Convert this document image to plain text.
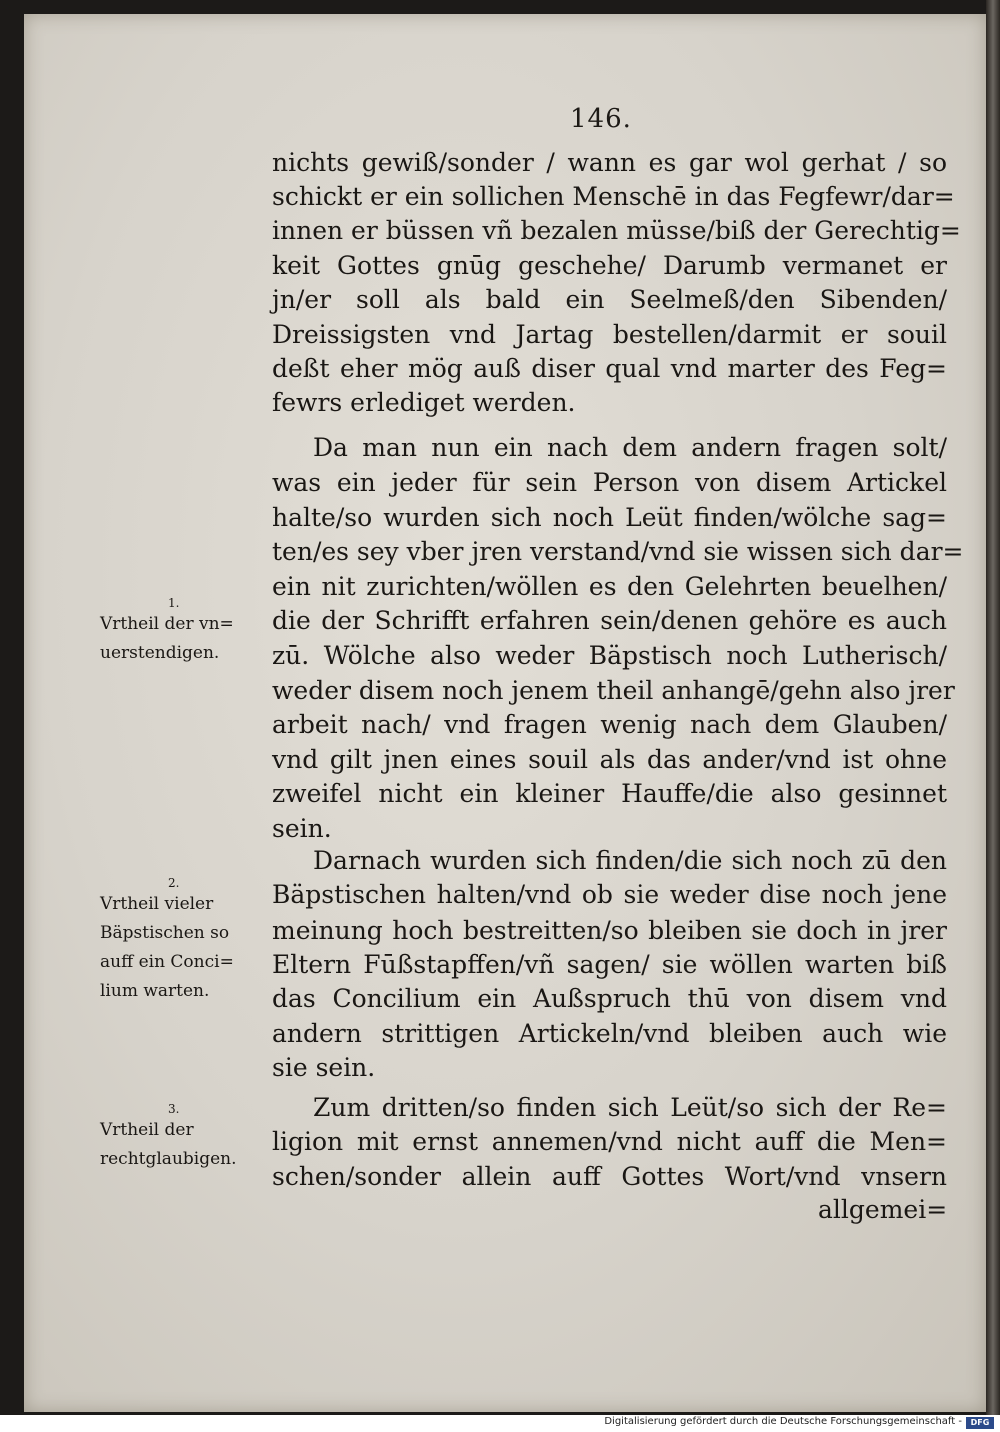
146.
nichts gewiß/sonder / wann es gar wol gerhat / so
schickt er ein sollichen Menschē in das Fegfewr/dar=
innen er büssen vñ bezalen müsse/biß der Gerechtig=
keit Gottes gnūg geschehe/ Darumb vermanet er
jn/er soll als bald ein Seelmeß/den Sibenden/
Dreissigsten vnd Jartag bestellen/darmit er souil
deßt eher mög auß diser qual vnd marter des Feg=
fewrs erlediget werden.
Da man nun ein nach dem andern fragen solt/
was ein jeder für sein Person von disem Artickel
halte/so wurden sich noch Leüt finden/wölche sag=
ten/es sey vber jren verstand/vnd sie wissen sich dar=
ein nit zurichten/wöllen es den Gelehrten beuelhen/
die der Schrifft erfahren sein/denen gehöre es auch
zū. Wölche also weder Bäpstisch noch Lutherisch/
weder disem noch jenem theil anhangē/gehn also jrer
arbeit nach/ vnd fragen wenig nach dem Glauben/
vnd gilt jnen eines souil als das ander/vnd ist ohne
zweifel nicht ein kleiner Hauffe/die also gesinnet
sein.
Darnach wurden sich finden/die sich noch zū den
Bäpstischen halten/vnd ob sie weder dise noch jene
meinung hoch bestreitten/so bleiben sie doch in jrer
Eltern Fūßstapffen/vñ sagen/ sie wöllen warten biß
das Concilium ein Außspruch thū von disem vnd
andern strittigen Artickeln/vnd bleiben auch wie
sie sein.
Zum dritten/so finden sich Leüt/so sich der Re=
ligion mit ernst annemen/vnd nicht auff die Men=
schen/sonder allein auff Gottes Wort/vnd vnsern
allgemei=
1.
Vrtheil der vn=
uerstendigen.
2.
Vrtheil vieler
Bäpstischen so
auff ein Conci=
lium warten.
3.
Vrtheil der
rechtglaubigen.
Digitalisierung gefördert durch die Deutsche Forschungsgemeinschaft -	DFG
